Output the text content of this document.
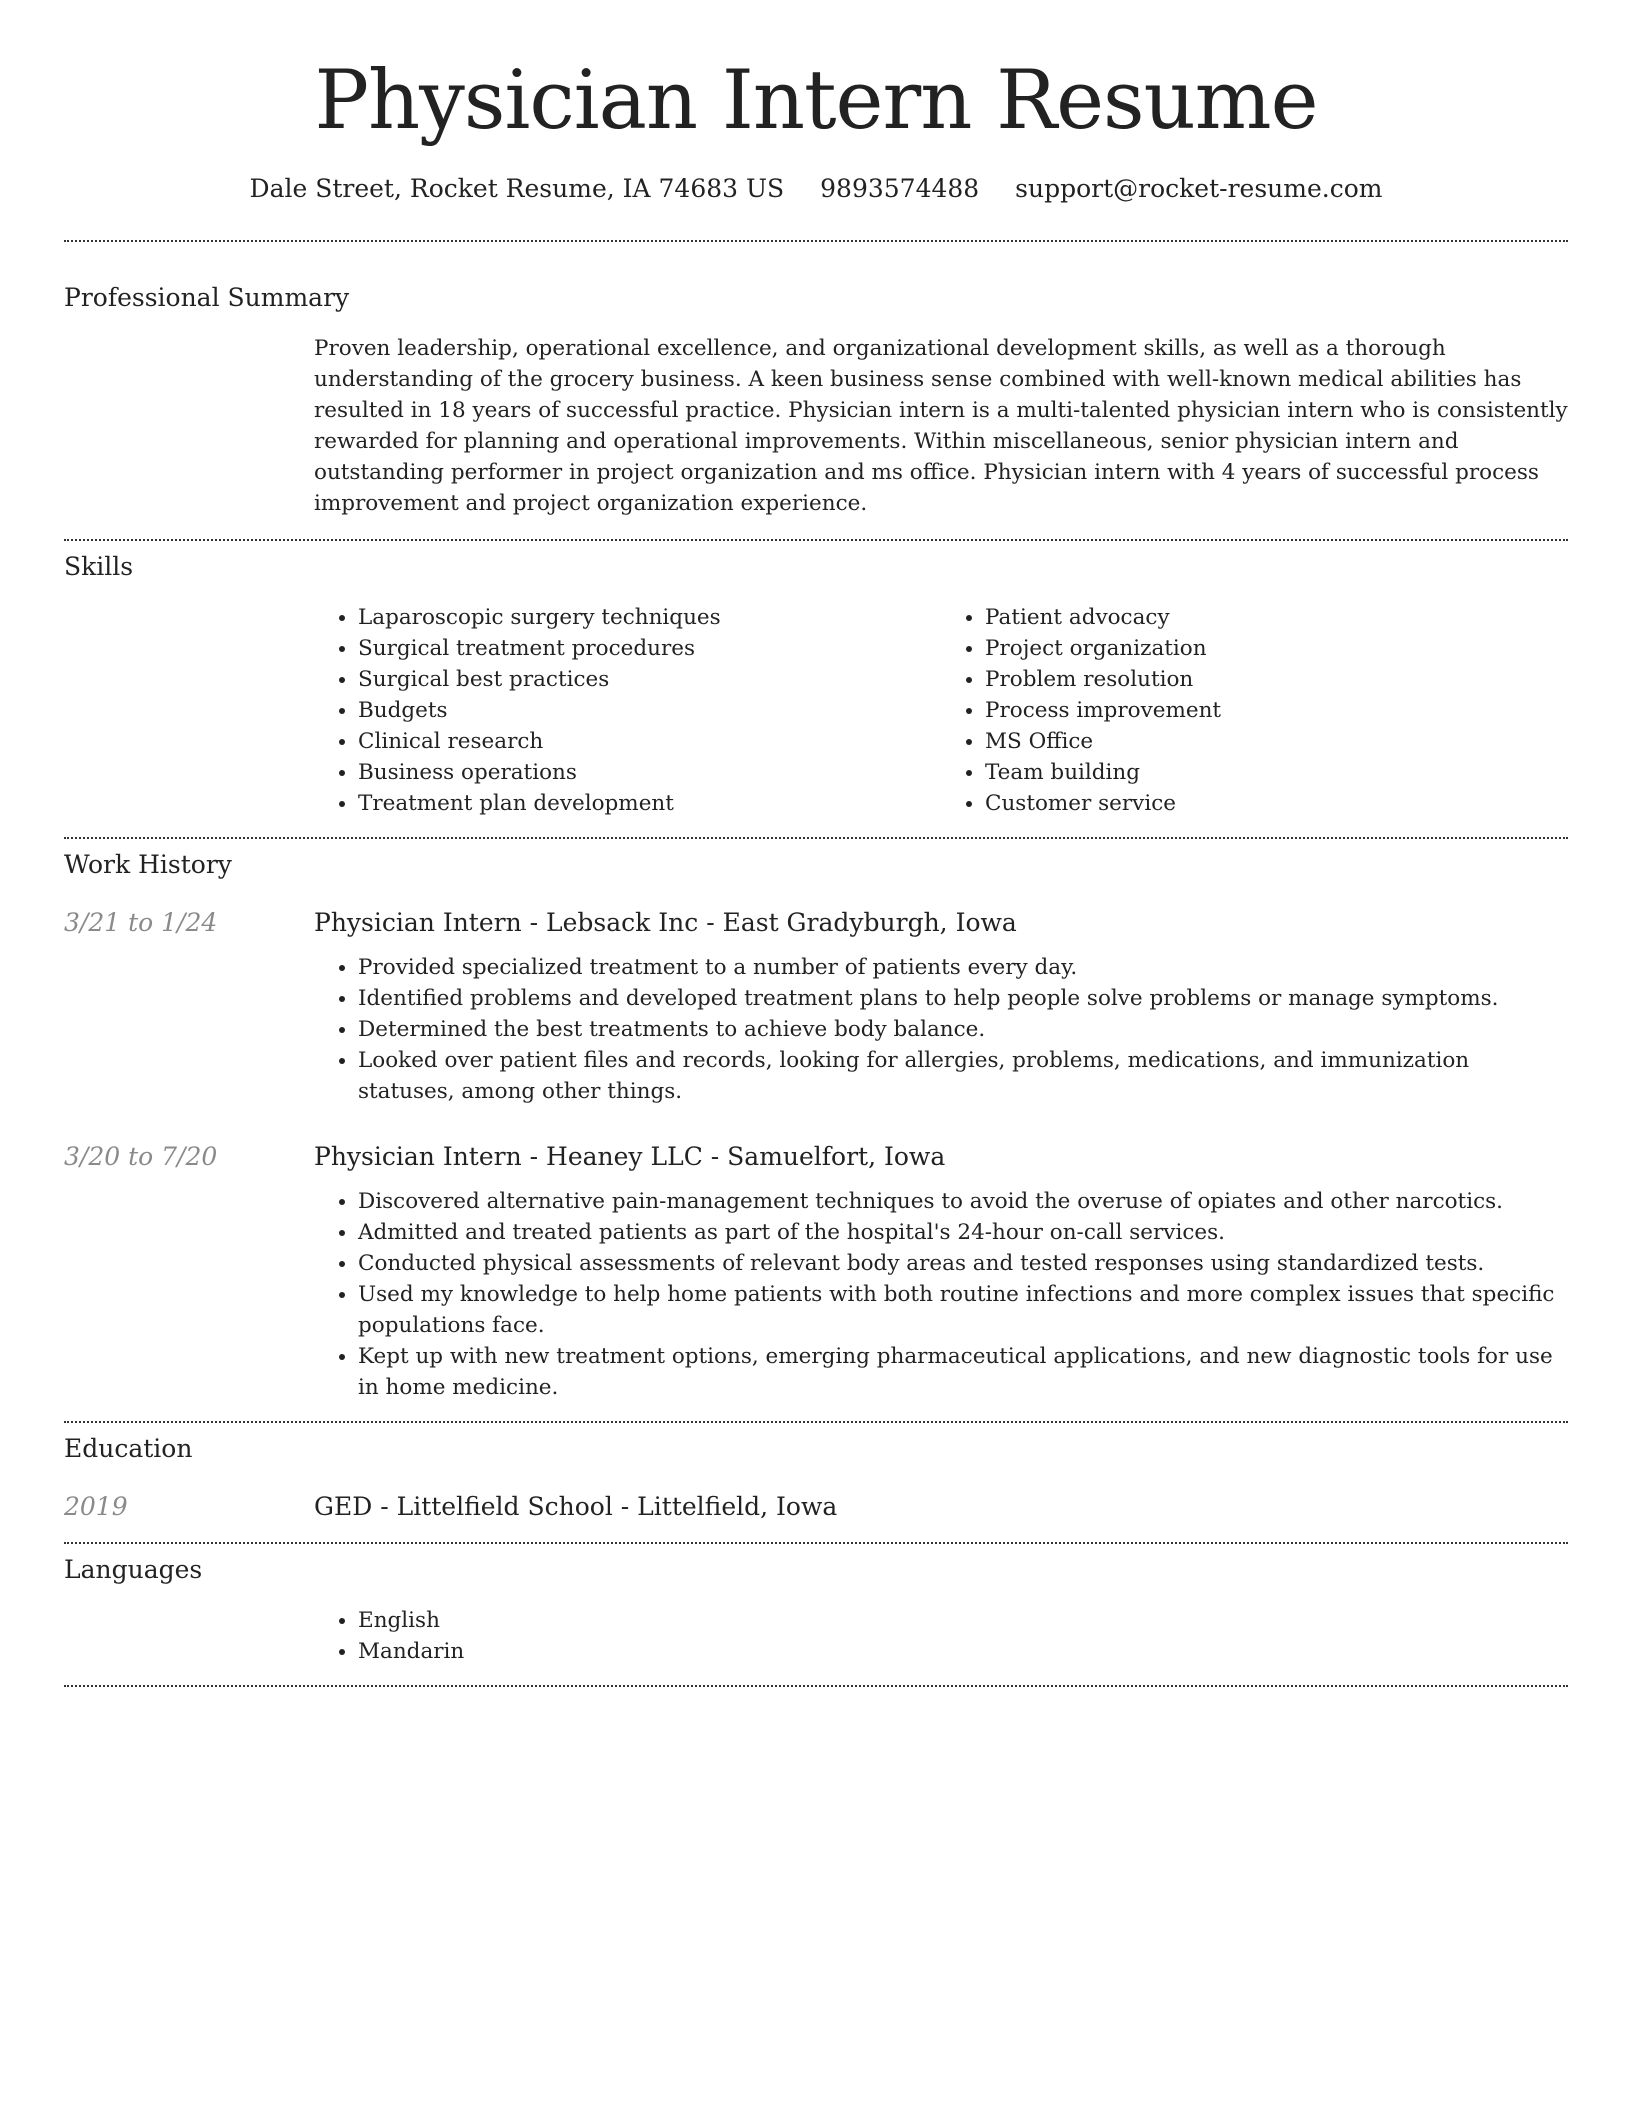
Physician Intern Resume
Dale Street, Rocket Resume, IA 74683 US 9893574488 support@rocket-resume.com
Professional Summary

Proven leadership, operational excellence, and organizational development skills, as well as a thorough understanding of the grocery business. A keen business sense combined with well-known medical abilities has resulted in 18 years of successful practice. Physician intern is a multi-talented physician intern who is consistently rewarded for planning and operational improvements. Within miscellaneous, senior physician intern and outstanding performer in project organization and ms office. Physician intern with 4 years of successful process improvement and project organization experience.

Skills
• Laparoscopic surgery techniques
• Surgical treatment procedures
• Surgical best practices
• Budgets
• Clinical research
• Business operations
• Treatment plan development
• Patient advocacy
• Project organization
• Problem resolution
• Process improvement
• MS Office
• Team building
• Customer service
Work History
3/21 to 1/24	Physician Intern - Lebsack Inc - East Gradyburgh, Iowa
• Provided specialized treatment to a number of patients every day.
• Identified problems and developed treatment plans to help people solve problems or manage symptoms.
• Determined the best treatments to achieve body balance.
• Looked over patient files and records, looking for allergies, problems, medications, and immunization statuses, among other things.
3/20 to 7/20	Physician Intern - Heaney LLC - Samuelfort, Iowa
• Discovered alternative pain-management techniques to avoid the overuse of opiates and other narcotics.
• Admitted and treated patients as part of the hospital's 24-hour on-call services.
• Conducted physical assessments of relevant body areas and tested responses using standardized tests.
• Used my knowledge to help home patients with both routine infections and more complex issues that specific populations face.
• Kept up with new treatment options, emerging pharmaceutical applications, and new diagnostic tools for use in home medicine.
Education
2019	GED - Littelfield School - Littelfield, Iowa
Languages
• English
• Mandarin
